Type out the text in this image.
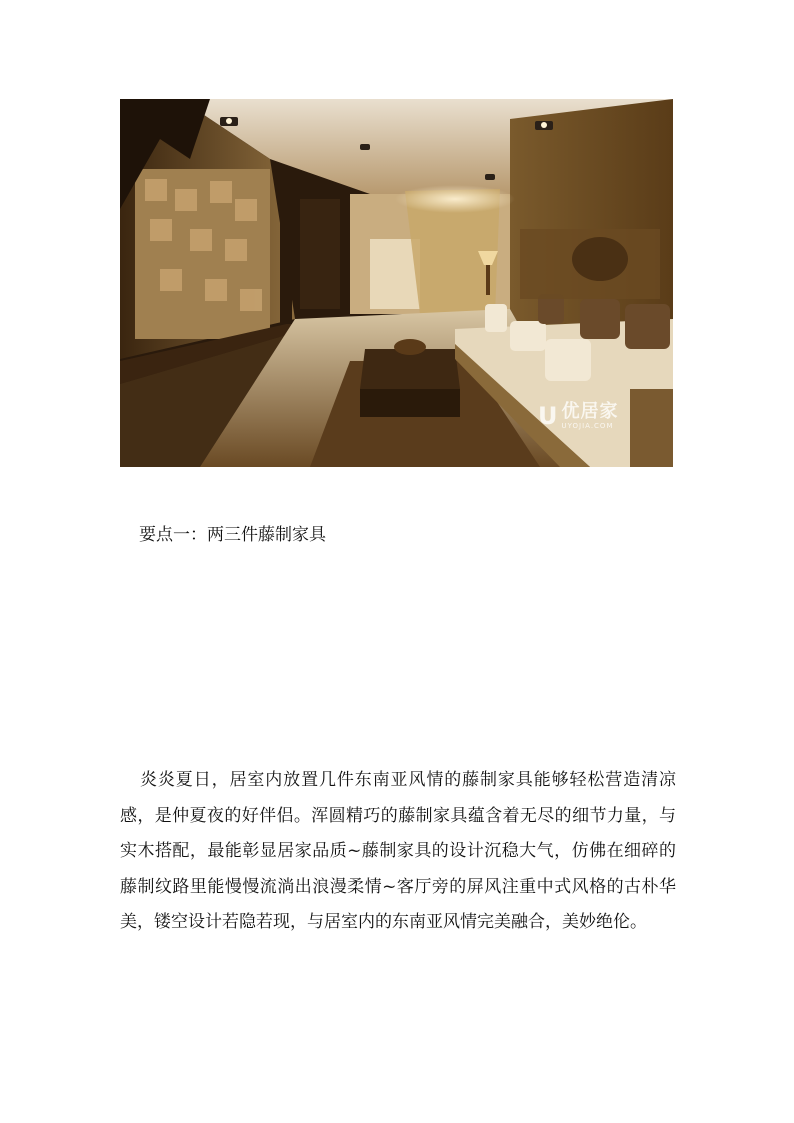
U 优居家
UYOJIA.COM
要点一：两三件藤制家具

炎炎夏日，居室内放置几件东南亚风情的藤制家具能够轻松营造清凉感，是仲夏夜的好伴侣。浑圆精巧的藤制家具蕴含着无尽的细节力量，与实木搭配，最能彰显居家品质~藤制家具的设计沉稳大气，仿佛在细碎的藤制纹路里能慢慢流淌出浪漫柔情~客厅旁的屏风注重中式风格的古朴华美，镂空设计若隐若现，与居室内的东南亚风情完美融合，美妙绝伦。
